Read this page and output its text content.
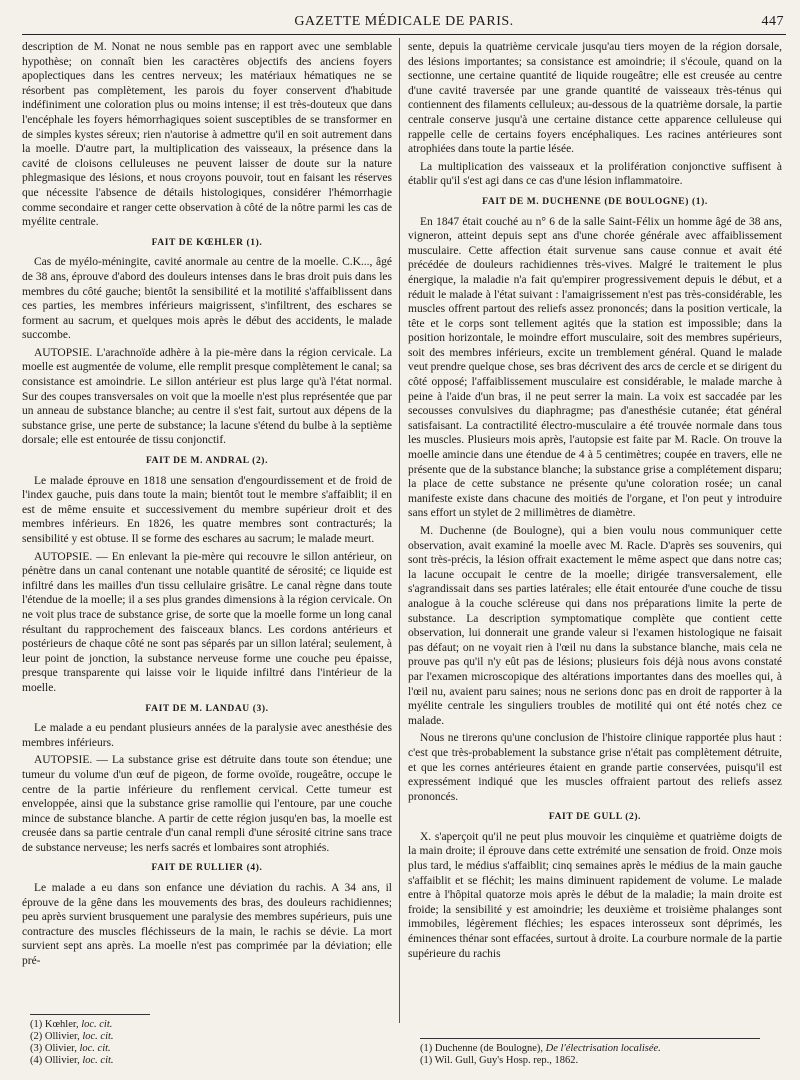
GAZETTE MÉDICALE DE PARIS.	447

description de M. Nonat ne nous semble pas en rapport avec une semblable hypothèse; on connaît bien les caractères objectifs des anciens foyers apoplectiques dans les centres nerveux; les matériaux hématiques ne se résorbent pas complètement, les parois du foyer conservent d'habitude indéfiniment une coloration plus ou moins intense; il est très-douteux que dans l'encéphale les foyers hémorrhagiques soient susceptibles de se transformer en de simples kystes séreux; rien n'autorise à admettre qu'il en soit autrement dans la moelle. D'autre part, la multiplication des vaisseaux, la présence dans la cavité de cloisons celluleuses ne peuvent laisser de doute sur la nature phlegmasique des lésions, et nous croyons pouvoir, tout en faisant les réserves que nécessite l'absence de détails histologiques, considérer l'hémorrhagie comme secondaire et ranger cette observation à côté de la nôtre parmi les cas de myélite centrale.

FAIT DE KŒHLER (1).

Cas de myélo-méningite, cavité anormale au centre de la moelle. C.K..., âgé de 38 ans, éprouve d'abord des douleurs intenses dans le bras droit puis dans les membres du côté gauche; bientôt la sensibilité et la motilité s'affaiblissent dans ces parties, les membres inférieurs maigrissent, s'infiltrent, des eschares se forment au sacrum, et quelques mois après le début des accidents, le malade succombe.

AUTOPSIE. L'arachnoïde adhère à la pie-mère dans la région cervicale. La moelle est augmentée de volume, elle remplit presque complètement le canal; sa consistance est amoindrie. Le sillon antérieur est plus large qu'à l'état normal. Sur des coupes transversales on voit que la moelle n'est plus représentée que par un anneau de substance blanche; au centre il s'est fait, surtout aux dépens de la substance grise, une perte de substance; la lacune s'étend du bulbe à la septième dorsale; elle est entourée de tissu conjonctif.

FAIT DE M. ANDRAL (2).

Le malade éprouve en 1818 une sensation d'engourdissement et de froid de l'index gauche, puis dans toute la main; bientôt tout le membre s'affaiblit; il en est de même ensuite et successivement du membre supérieur droit et des membres inférieurs. En 1826, les quatre membres sont contracturés; la sensibilité y est obtuse. Il se forme des eschares au sacrum; le malade meurt.

AUTOPSIE. — En enlevant la pie-mère qui recouvre le sillon antérieur, on pénètre dans un canal contenant une notable quantité de sérosité; ce liquide est infiltré dans les mailles d'un tissu cellulaire grisâtre. Le canal règne dans toute l'étendue de la moelle; il a ses plus grandes dimensions à la région cervicale. On ne voit plus trace de substance grise, de sorte que la moelle forme un long canal résultant du rapprochement des faisceaux blancs. Les cordons antérieurs et postérieurs de chaque côté ne sont pas séparés par un sillon latéral; seulement, à leur point de jonction, la substance nerveuse forme une couche peu épaisse, presque transparente qui laisse voir le liquide infiltré dans l'intérieur de la moelle.

FAIT DE M. LANDAU (3).

Le malade a eu pendant plusieurs années de la paralysie avec anesthésie des membres inférieurs.

AUTOPSIE. — La substance grise est détruite dans toute son étendue; une tumeur du volume d'un œuf de pigeon, de forme ovoïde, rougeâtre, occupe le centre de la partie inférieure du renflement cervical. Cette tumeur est enveloppée, ainsi que la substance grise ramollie qui l'entoure, par une couche mince de substance blanche. A partir de cette région jusqu'en bas, la moelle est creusée dans sa partie centrale d'un canal rempli d'une sérosité citrine sans trace de substance nerveuse; les nerfs sacrés et lombaires sont atrophiés.

FAIT DE RULLIER (4).

Le malade a eu dans son enfance une déviation du rachis. A 34 ans, il éprouve de la gêne dans les mouvements des bras, des douleurs rachidiennes; peu après survient brusquement une paralysie des membres supérieurs, puis une contracture des muscles fléchisseurs de la main, le rachis se dévie. La mort survient sept ans après. La moelle n'est pas comprimée par la déviation; elle pré-

(1) Kœhler, loc. cit.
(2) Ollivier, loc. cit.
(3) Olivier, loc. cit.
(4) Ollivier, loc. cit.

sente, depuis la quatrième cervicale jusqu'au tiers moyen de la région dorsale, des lésions importantes; sa consistance est amoindrie; il s'écoule, quand on la sectionne, une certaine quantité de liquide rougeâtre; elle est creusée au centre d'une cavité traversée par une grande quantité de vaisseaux très-ténus qui contiennent des filaments celluleux; au-dessous de la quatrième dorsale, la partie centrale conserve jusqu'à une certaine distance cette apparence celluleuse qui rappelle celle de certains foyers encéphaliques. Les racines antérieures sont atrophiées dans toute la partie lésée.

La multiplication des vaisseaux et la prolifération conjonctive suffisent à établir qu'il s'est agi dans ce cas d'une lésion inflammatoire.

FAIT DE M. DUCHENNE (DE BOULOGNE) (1).

En 1847 était couché au n° 6 de la salle Saint-Félix un homme âgé de 38 ans, vigneron, atteint depuis sept ans d'une chorée générale avec affaiblissement musculaire. Cette affection était survenue sans cause connue et avait été précédée de douleurs rachidiennes très-vives. Malgré le traitement le plus énergique, la maladie n'a fait qu'empirer progressivement depuis le début, et a réduit le malade à l'état suivant : l'amaigrissement n'est pas très-considérable, les muscles offrent partout des reliefs assez prononcés; dans la position verticale, la tête et le corps sont tellement agités que la station est impossible; dans la position horizontale, le moindre effort musculaire, soit des membres supérieurs, soit des membres inférieurs, excite un tremblement général. Quand le malade veut prendre quelque chose, ses bras décrivent des arcs de cercle et se dirigent du côté opposé; l'affaiblissement musculaire est considérable, le malade marche à peine à l'aide d'un bras, il ne peut serrer la main. La voix est saccadée par les secousses convulsives du diaphragme; pas d'anesthésie cutanée; état général satisfaisant. La contractilité électro-musculaire a été trouvée normale dans tous les muscles. Plusieurs mois après, l'autopsie est faite par M. Racle. On trouve la moelle amincie dans une étendue de 4 à 5 centimètres; coupée en travers, elle ne présente que de la substance blanche; la substance grise a complétement disparu; la place de cette substance ne présente qu'une coloration rosée; un canal manifeste existe dans chacune des moitiés de l'organe, et l'on peut y introduire sans effort un stylet de 2 millimètres de diamètre.

M. Duchenne (de Boulogne), qui a bien voulu nous communiquer cette observation, avait examiné la moelle avec M. Racle. D'après ses souvenirs, qui sont très-précis, la lésion offrait exactement le même aspect que dans notre cas; la lacune occupait le centre de la moelle; dirigée transversalement, elle s'agrandissait dans ses parties latérales; elle était entourée d'une couche de tissu analogue à la couche scléreuse qui dans nos préparations limite la perte de substance. La description symptomatique complète que contient cette observation, lui donnerait une grande valeur si l'examen histologique ne faisait pas défaut; on ne voyait rien à l'œil nu dans la substance blanche, mais cela ne prouve pas qu'il n'y eût pas de lésions; plusieurs fois déjà nous avons constaté par l'examen microscopique des altérations importantes dans des moelles qui, à l'œil nu, avaient paru saines; nous ne serions donc pas en droit de rapporter à la myélite centrale les singuliers troubles de motilité qui ont été notés chez ce malade.

Nous ne tirerons qu'une conclusion de l'histoire clinique rapportée plus haut : c'est que très-probablement la substance grise n'était pas complètement détruite, et que les cornes antérieures étaient en grande partie conservées, puisqu'il est expressément indiqué que les muscles offraient partout des reliefs assez prononcés.

FAIT DE GULL (2).

X. s'aperçoit qu'il ne peut plus mouvoir les cinquième et quatrième doigts de la main droite; il éprouve dans cette extrémité une sensation de froid. Onze mois plus tard, le médius s'affaiblit; cinq semaines après le médius de la main gauche s'affaiblit et se fléchit; les mains diminuent rapidement de volume. Le malade entre à l'hôpital quatorze mois après le début de la maladie; la main droite est froide; la sensibilité y est amoindrie; les deuxième et troisième phalanges sont immobiles, légèrement fléchies; les espaces interosseux sont déprimés, les éminences thénar sont effacées, surtout à droite. La courbure normale de la partie supérieure du rachis

(1) Duchenne (de Boulogne), De l'électrisation localisée.
(1) Wil. Gull, Guy's Hosp. rep., 1862.
